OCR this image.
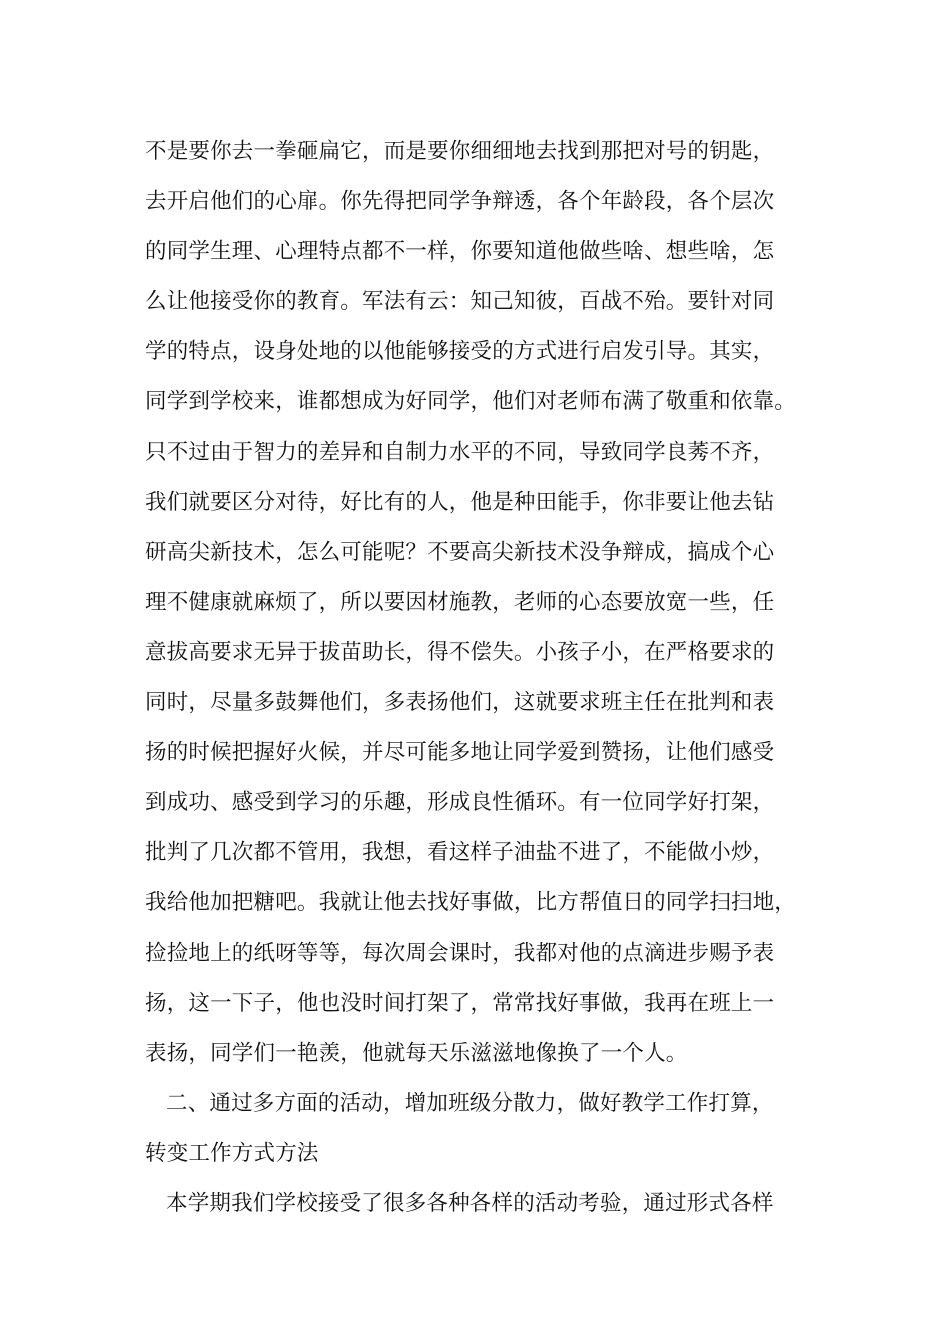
不是要你去一拳砸扁它，而是要你细细地去找到那把对号的钥匙，
去开启他们的心扉。你先得把同学争辩透，各个年龄段，各个层次
的同学生理、心理特点都不一样，你要知道他做些啥、想些啥，怎
么让他接受你的教育。军法有云：知己知彼，百战不殆。要针对同
学的特点，设身处地的以他能够接受的方式进行启发引导。其实，
同学到学校来，谁都想成为好同学，他们对老师布满了敬重和依靠。
只不过由于智力的差异和自制力水平的不同，导致同学良莠不齐，
我们就要区分对待，好比有的人，他是种田能手，你非要让他去钻
研高尖新技术，怎么可能呢？不要高尖新技术没争辩成，搞成个心
理不健康就麻烦了，所以要因材施教，老师的心态要放宽一些，任
意拔高要求无异于拔苗助长，得不偿失。小孩子小，在严格要求的
同时，尽量多鼓舞他们，多表扬他们，这就要求班主任在批判和表
扬的时候把握好火候，并尽可能多地让同学爱到赞扬，让他们感受
到成功、感受到学习的乐趣，形成良性循环。有一位同学好打架，
批判了几次都不管用，我想，看这样子油盐不进了，不能做小炒，
我给他加把糖吧。我就让他去找好事做，比方帮值日的同学扫扫地，
捡捡地上的纸呀等等，每次周会课时，我都对他的点滴进步赐予表
扬，这一下子，他也没时间打架了，常常找好事做，我再在班上一
表扬，同学们一艳羡，他就每天乐滋滋地像换了一个人。
二、通过多方面的活动，增加班级分散力，做好教学工作打算，
转变工作方式方法
本学期我们学校接受了很多各种各样的活动考验，通过形式各样
